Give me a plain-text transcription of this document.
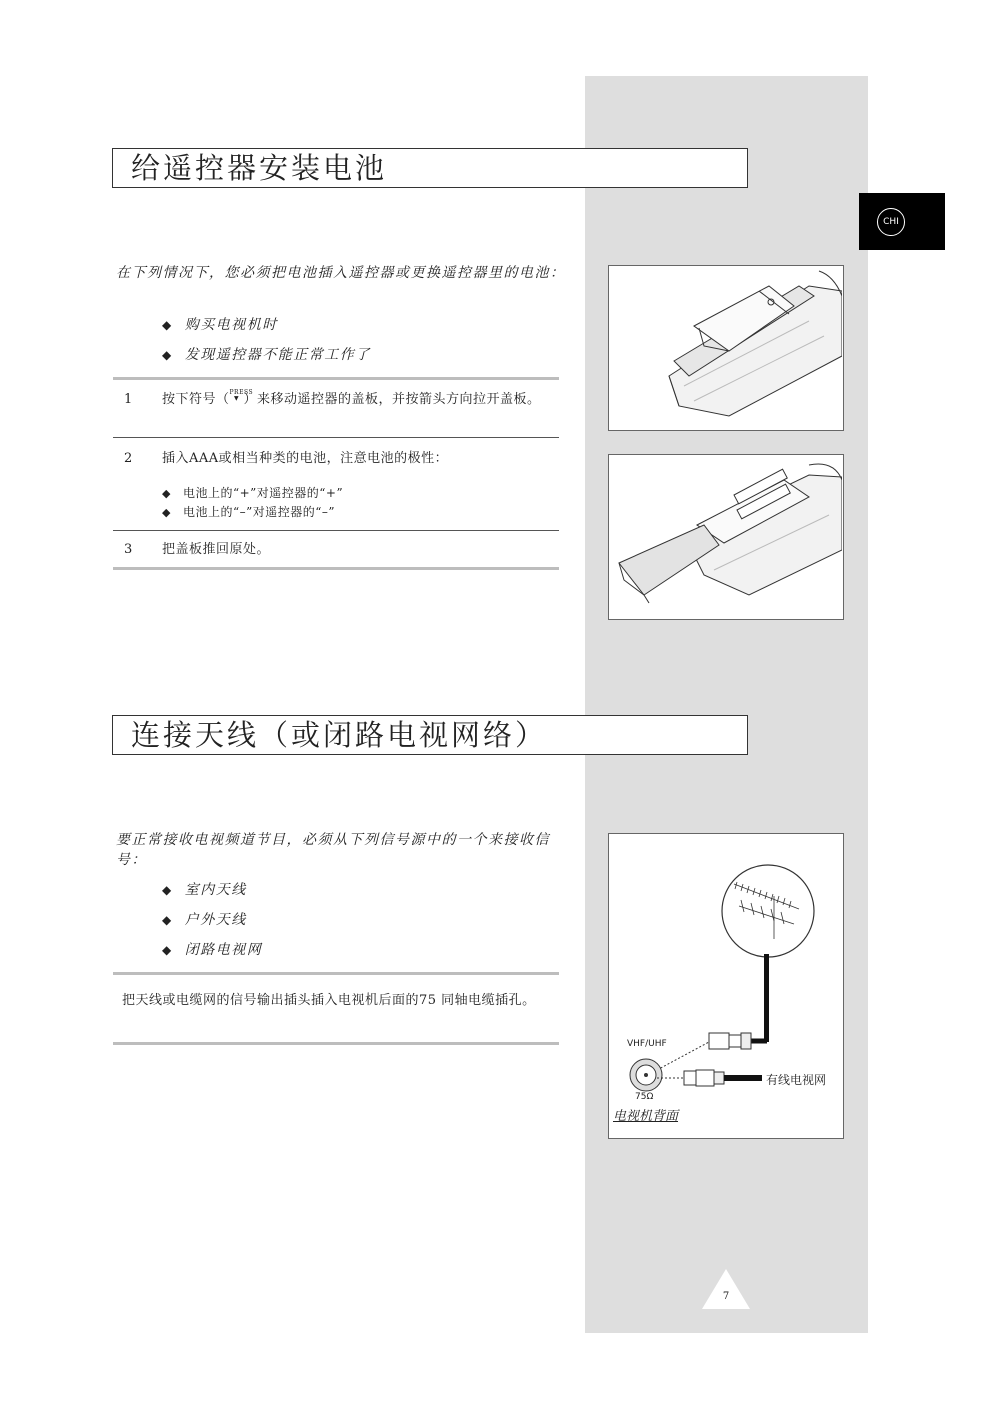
CHI
给遥控器安装电池
在下列情况下，您必须把电池插入遥控器或更换遥控器里的电池：
◆ 购买电视机时
◆ 发现遥控器不能正常工作了
1 按下符号（PRESS
▼ ）来移动遥控器的盖板，并按箭头方向拉开盖板。
2 插入AAA或相当种类的电池，注意电池的极性：
◆ 电池上的“+”对遥控器的“+”
◆ 电池上的“–”对遥控器的“–”
3 把盖板推回原处。
连接天线（或闭路电视网络）
要正常接收电视频道节目，必须从下列信号源中的一个来接收信号：
◆ 室内天线
◆ 户外天线
◆ 闭路电视网
把天线或电缆网的信号输出插头插入电视机后面的75 同轴电缆插孔。
VHF/UHF
75Ω
有线电视网
电视机背面
7
